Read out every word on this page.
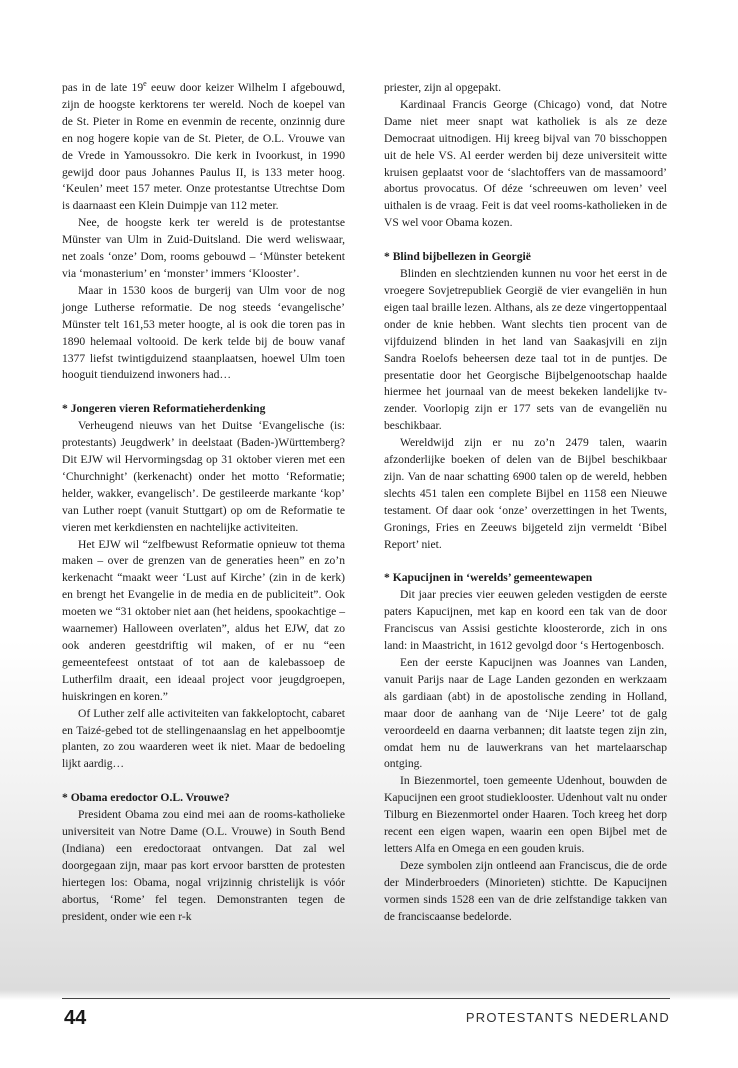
pas in de late 19e eeuw door keizer Wilhelm I afgebouwd, zijn de hoogste kerktorens ter wereld. Noch de koepel van de St. Pieter in Rome en evenmin de recente, onzinnig dure en nog hogere kopie van de St. Pieter, de O.L. Vrouwe van de Vrede in Yamoussokro. Die kerk in Ivoorkust, in 1990 gewijd door paus Johannes Paulus II, is 133 meter hoog. ‘Keulen’ meet 157 meter. Onze protestantse Utrechtse Dom is daarnaast een Klein Duimpje van 112 meter.

Nee, de hoogste kerk ter wereld is de protestantse Münster van Ulm in Zuid-Duitsland. Die werd weliswaar, net zoals ‘onze’ Dom, rooms gebouwd – ‘Münster betekent via ‘monasterium’ en ‘monster’ immers ‘Klooster’.

Maar in 1530 koos de burgerij van Ulm voor de nog jonge Lutherse reformatie. De nog steeds ‘evangelische’ Münster telt 161,53 meter hoogte, al is ook die toren pas in 1890 helemaal voltooid. De kerk telde bij de bouw vanaf 1377 liefst twintigduizend staanplaatsen, hoewel Ulm toen hooguit tienduizend inwoners had…

* Jongeren vieren Reformatieherdenking

Verheugend nieuws van het Duitse ‘Evangelische (is: protestants) Jeugdwerk’ in deelstaat (Baden-)Württemberg? Dit EJW wil Hervormingsdag op 31 oktober vieren met een ‘Churchnight’ (kerkenacht) onder het motto ‘Reformatie; helder, wakker, evangelisch’. De gestileerde markante ‘kop’ van Luther roept (vanuit Stuttgart) op om de Reformatie te vieren met kerkdiensten en nachtelijke activiteiten.

Het EJW wil “zelfbewust Reformatie opnieuw tot thema maken – over de grenzen van de generaties heen” en zo’n kerkenacht “maakt weer ‘Lust auf Kirche’ (zin in de kerk) en brengt het Evangelie in de media en de publiciteit”. Ook moeten we “31 oktober niet aan (het heidens, spookachtige – waarnemer) Halloween overlaten”, aldus het EJW, dat zo ook anderen geestdriftig wil maken, of er nu “een gemeentefeest ontstaat of tot aan de kalebassoep de Lutherfilm draait, een ideaal project voor jeugdgroepen, huiskringen en koren.”

Of Luther zelf alle activiteiten van fakkeloptocht, cabaret en Taizé-gebed tot de stellingenaanslag en het appelboomtje planten, zo zou waarderen weet ik niet. Maar de bedoeling lijkt aardig…

* Obama eredoctor O.L. Vrouwe?

President Obama zou eind mei aan de rooms-katholieke universiteit van Notre Dame (O.L. Vrouwe) in South Bend (Indiana) een eredoctoraat ontvangen. Dat zal wel doorgegaan zijn, maar pas kort ervoor barstten de protesten hiertegen los: Obama, nogal vrijzinnig christelijk is vóór abortus, ‘Rome’ fel tegen. Demonstranten tegen de president, onder wie een r-k

priester, zijn al opgepakt.

Kardinaal Francis George (Chicago) vond, dat Notre Dame niet meer snapt wat katholiek is als ze deze Democraat uitnodigen. Hij kreeg bijval van 70 bisschoppen uit de hele VS. Al eerder werden bij deze universiteit witte kruisen geplaatst voor de ‘slachtoffers van de massamoord’ abortus provocatus. Of déze ‘schreeuwen om leven’ veel uithalen is de vraag. Feit is dat veel rooms-katholieken in de VS wel voor Obama kozen.

* Blind bijbellezen in Georgië

Blinden en slechtzienden kunnen nu voor het eerst in de vroegere Sovjetrepubliek Georgië de vier evangeliën in hun eigen taal braille lezen. Althans, als ze deze vingertoppentaal onder de knie hebben. Want slechts tien procent van de vijfduizend blinden in het land van Saakasjvili en zijn Sandra Roelofs beheersen deze taal tot in de puntjes. De presentatie door het Georgische Bijbelgenootschap haalde hiermee het journaal van de meest bekeken landelijke tv-zender. Voorlopig zijn er 177 sets van de evangeliën nu beschikbaar.

Wereldwijd zijn er nu zo’n 2479 talen, waarin afzonderlijke boeken of delen van de Bijbel beschikbaar zijn. Van de naar schatting 6900 talen op de wereld, hebben slechts 451 talen een complete Bijbel en 1158 een Nieuwe testament. Of daar ook ‘onze’ overzettingen in het Twents, Gronings, Fries en Zeeuws bijgeteld zijn vermeldt ‘Bibel Report’ niet.

* Kapucijnen in ‘werelds’ gemeentewapen

Dit jaar precies vier eeuwen geleden vestigden de eerste paters Kapucijnen, met kap en koord een tak van de door Franciscus van Assisi gestichte kloosterorde, zich in ons land: in Maastricht, in 1612 gevolgd door ‘s Hertogenbosch.

Een der eerste Kapucijnen was Joannes van Landen, vanuit Parijs naar de Lage Landen gezonden en werkzaam als gardiaan (abt) in de apostolische zending in Holland, maar door de aanhang van de ‘Nije Leere’ tot de galg veroordeeld en daarna verbannen; dit laatste tegen zijn zin, omdat hem nu de lauwerkrans van het martelaarschap ontging.

In Biezenmortel, toen gemeente Udenhout, bouwden de Kapucijnen een groot studieklooster. Udenhout valt nu onder Tilburg en Biezenmortel onder Haaren. Toch kreeg het dorp recent een eigen wapen, waarin een open Bijbel met de letters Alfa en Omega en een gouden kruis.

Deze symbolen zijn ontleend aan Franciscus, die de orde der Minderbroeders (Minorieten) stichtte. De Kapucijnen vormen sinds 1528 een van de drie zelfstandige takken van de franciscaanse bedelorde.

44	PROTESTANTS NEDERLAND
